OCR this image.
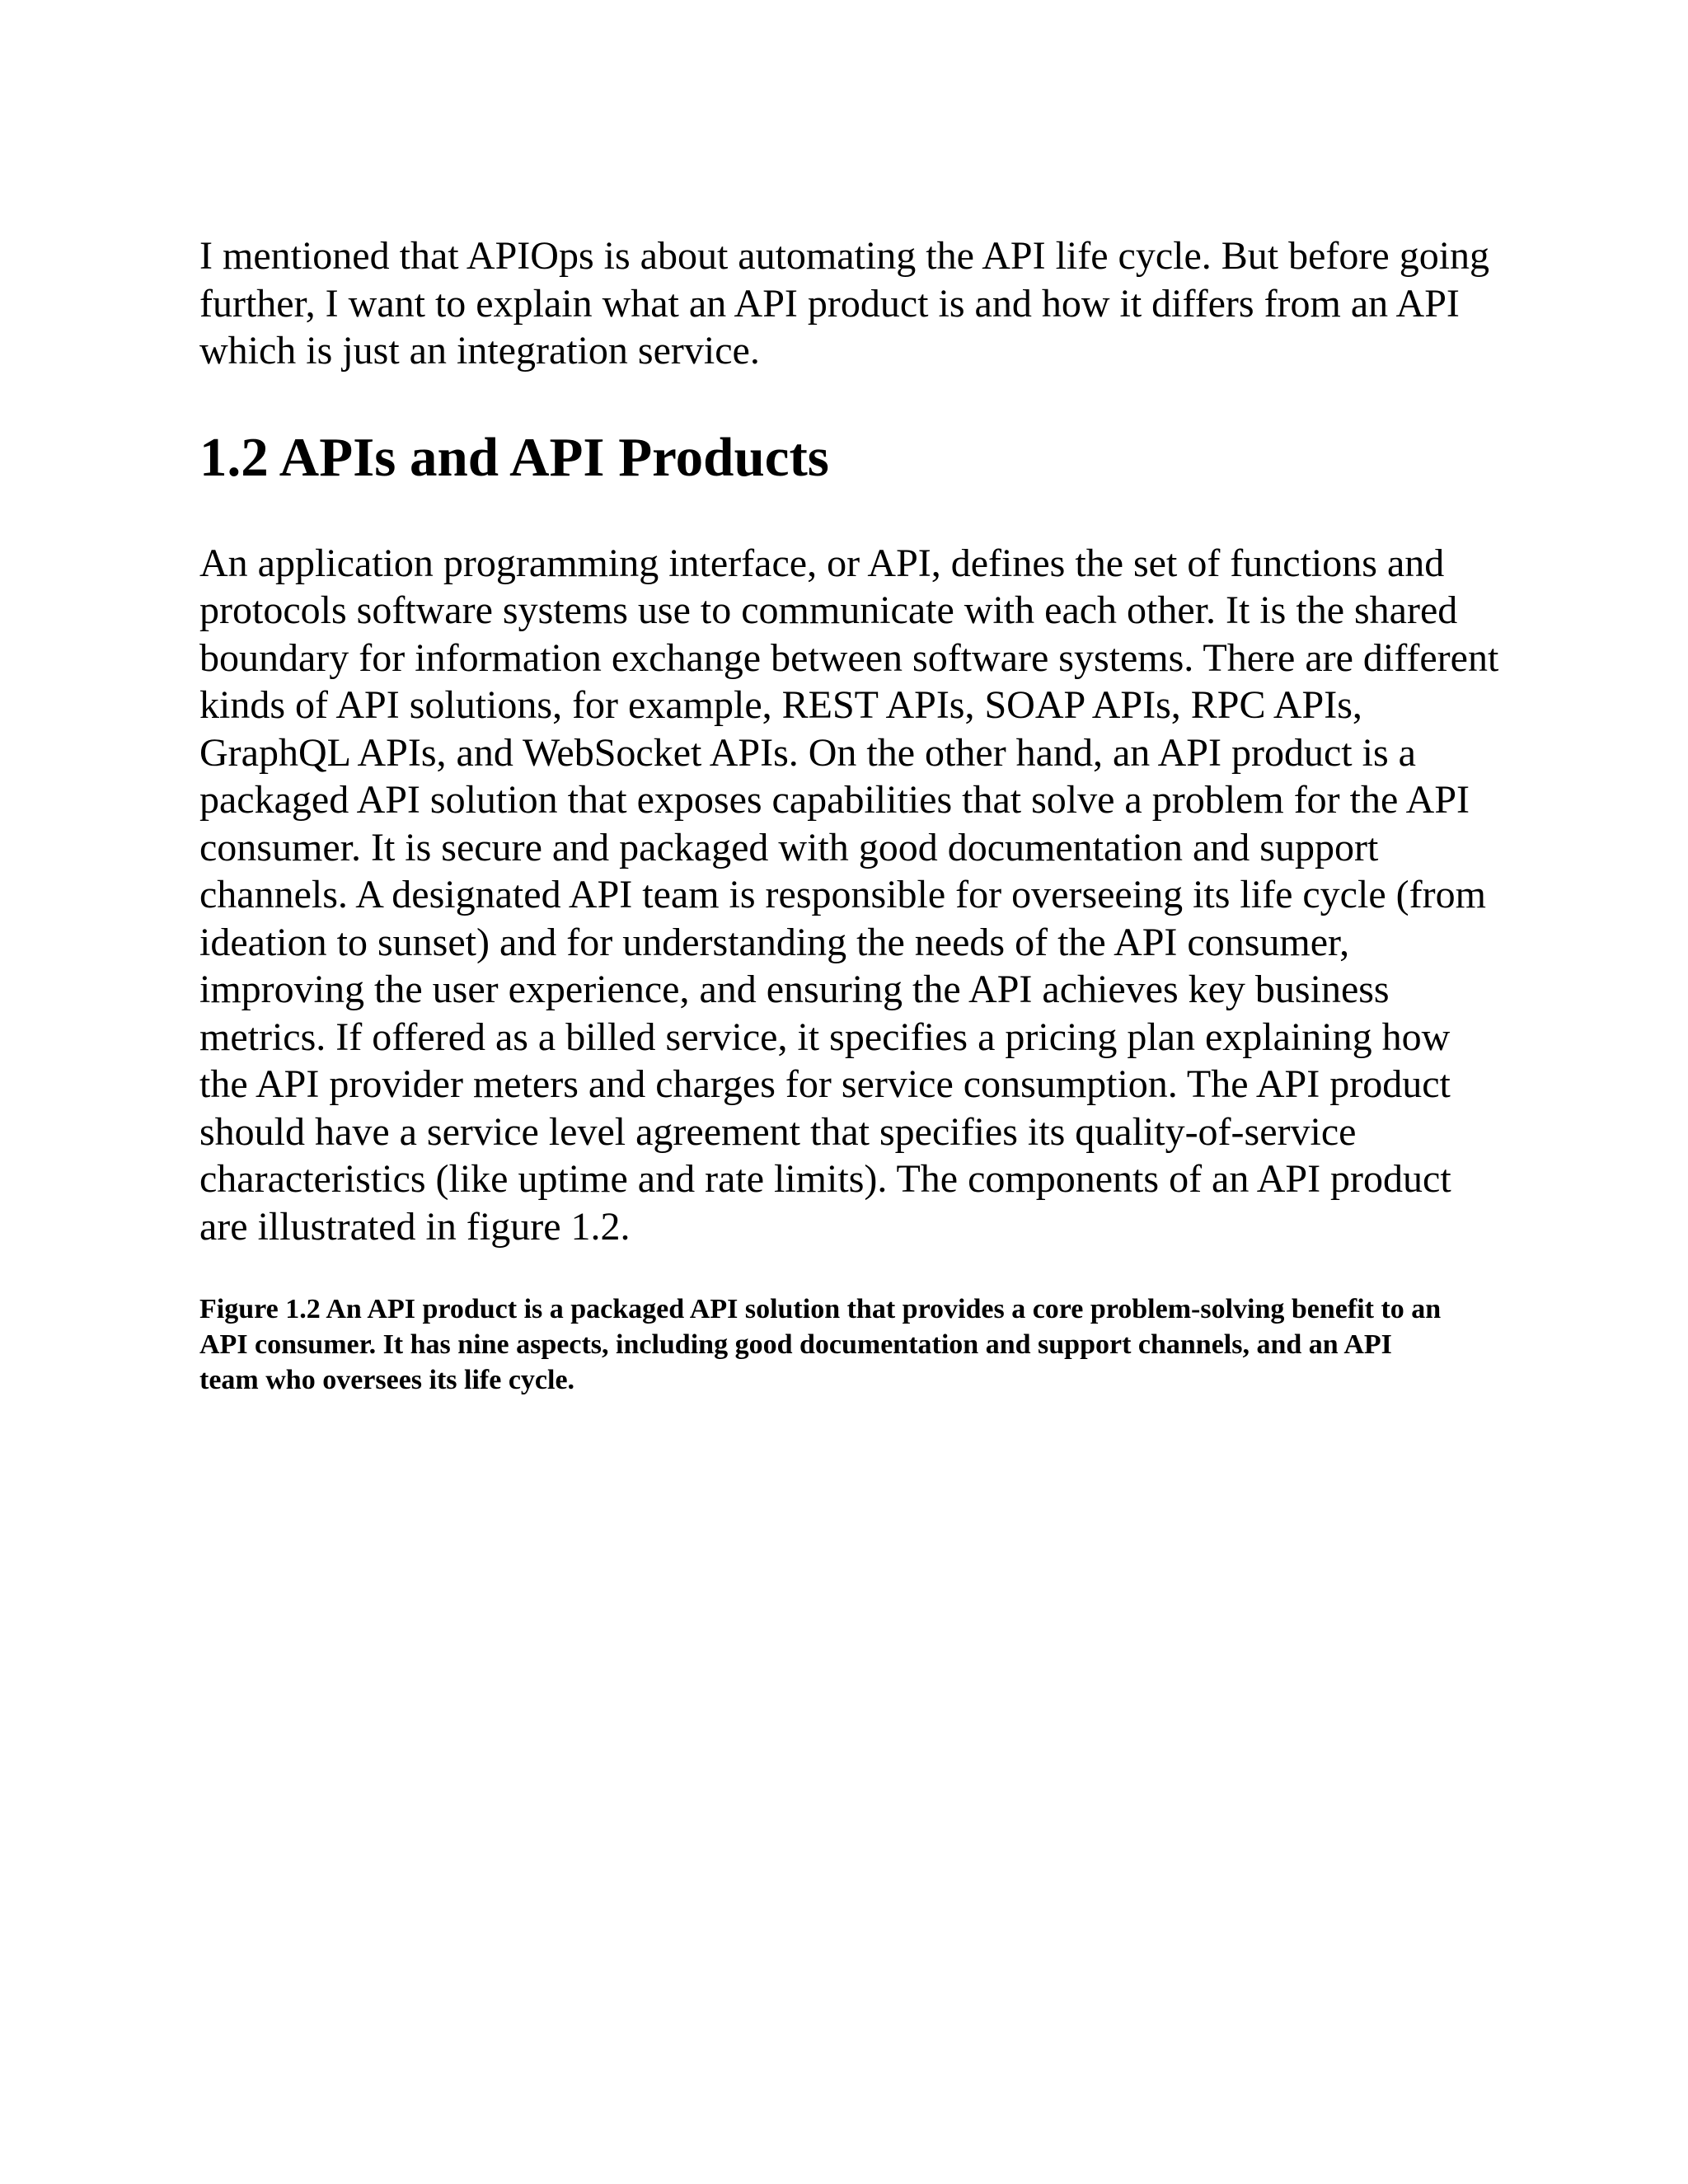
I mentioned that APIOps is about automating the API life cycle. But before going further, I want to explain what an API product is and how it differs from an API which is just an integration service.

1.2 APIs and API Products

An application programming interface, or API, defines the set of functions and protocols software systems use to communicate with each other. It is the shared boundary for information exchange between software systems. There are different kinds of API solutions, for example, REST APIs, SOAP APIs, RPC APIs, GraphQL APIs, and WebSocket APIs. On the other hand, an API product is a packaged API solution that exposes capabilities that solve a problem for the API consumer. It is secure and packaged with good documentation and support channels. A designated API team is responsible for overseeing its life cycle (from ideation to sunset) and for understanding the needs of the API consumer, improving the user experience, and ensuring the API achieves key business metrics. If offered as a billed service, it specifies a pricing plan explaining how the API provider meters and charges for service consumption. The API product should have a service level agreement that specifies its quality-of-service characteristics (like uptime and rate limits). The components of an API product are illustrated in figure 1.2.

Figure 1.2 An API product is a packaged API solution that provides a core problem-solving benefit to an API consumer. It has nine aspects, including good documentation and support channels, and an API team who oversees its life cycle.
